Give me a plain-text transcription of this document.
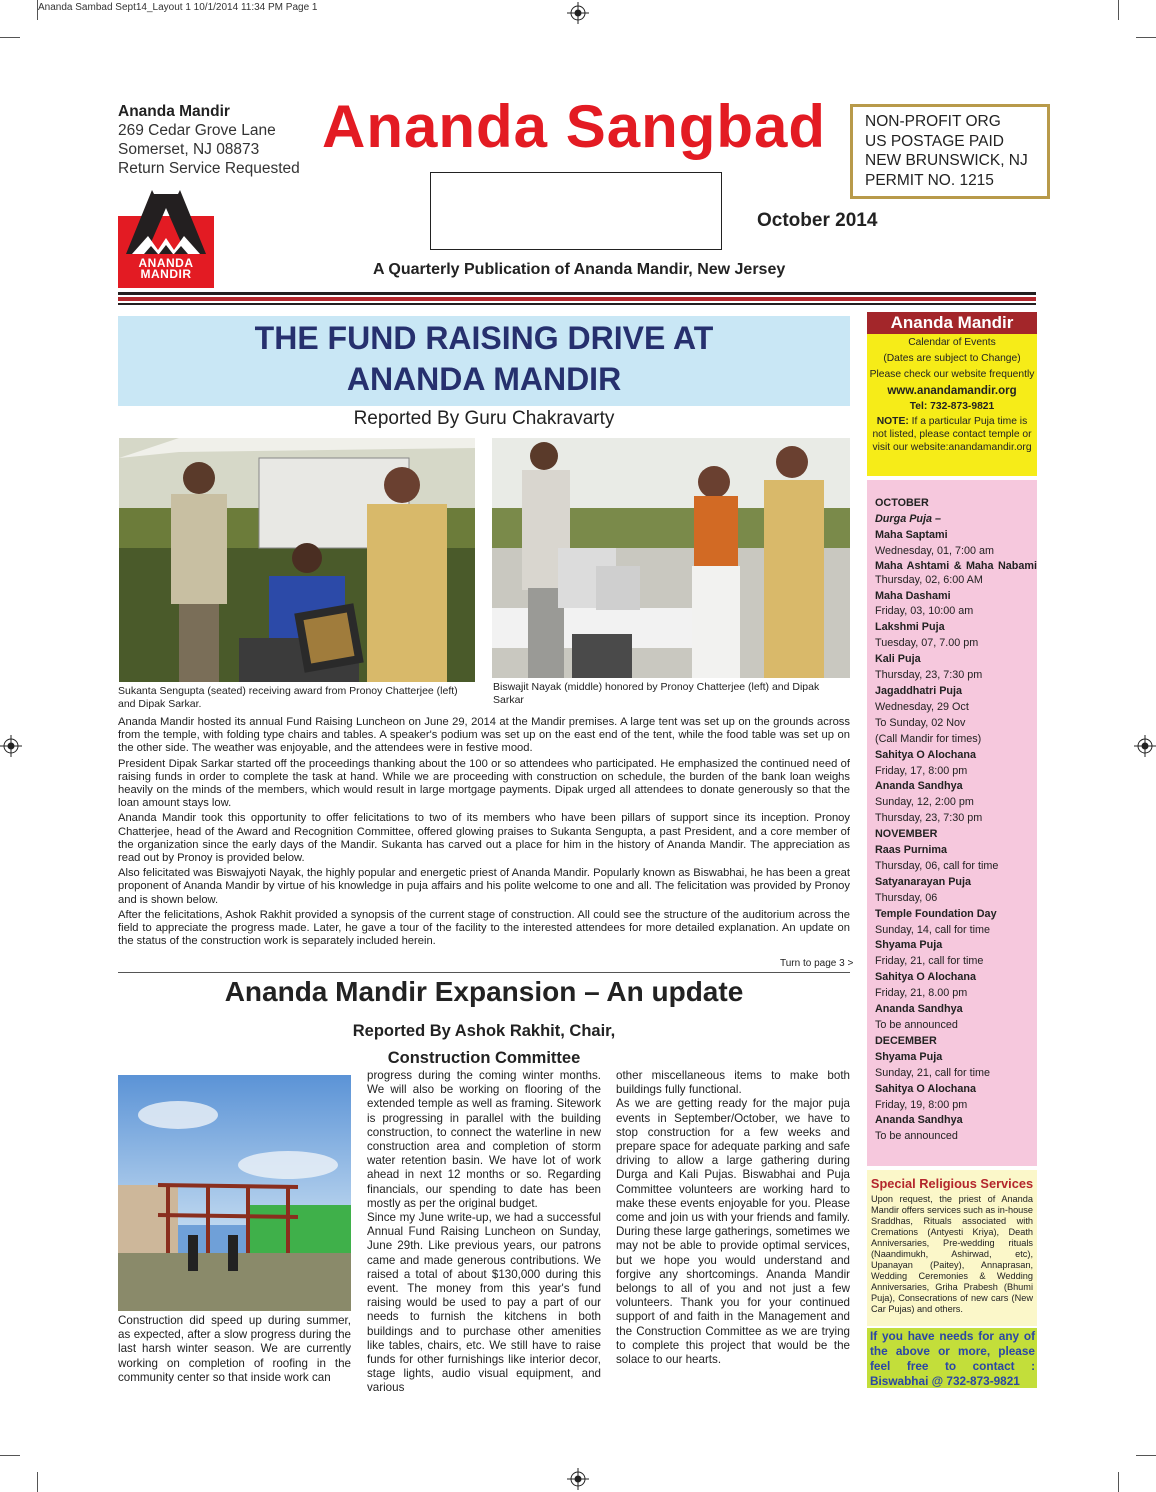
Ananda Sambad Sept14_Layout 1 10/1/2014 11:34 PM Page 1
Ananda Mandir
269 Cedar Grove Lane
Somerset, NJ 08873
Return Service Requested
Ananda Sangbad	NON-PROFIT ORG
US POSTAGE PAID
NEW BRUNSWICK, NJ
PERMIT NO. 1215
October 2014
A Quarterly Publication of Ananda Mandir, New Jersey
ANANDA
MANDIR
THE FUND RAISING DRIVE AT
ANANDA MANDIR
Reported By Guru Chakravarty
Sukanta Sengupta (seated) receiving award from Pronoy Chatterjee (left) and Dipak Sarkar.
Biswajit Nayak (middle) honored by Pronoy Chatterjee (left) and Dipak Sarkar

Ananda Mandir hosted its annual Fund Raising Luncheon on June 29, 2014 at the Mandir premises. A large tent was set up on the grounds across from the temple, with folding type chairs and tables. A speaker's podium was set up on the east end of the tent, while the food table was set up on the other side. The weather was enjoyable, and the attendees were in festive mood.

President Dipak Sarkar started off the proceedings thanking about the 100 or so attendees who participated. He emphasized the continued need of raising funds in order to complete the task at hand. While we are proceeding with construction on schedule, the burden of the bank loan weighs heavily on the minds of the members, which would result in large mortgage payments. Dipak urged all attendees to donate generously so that the loan amount stays low.

Ananda Mandir took this opportunity to offer felicitations to two of its members who have been pillars of support since its inception. Pronoy Chatterjee, head of the Award and Recognition Committee, offered glowing praises to Sukanta Sengupta, a past President, and a core member of the organization since the early days of the Mandir. Sukanta has carved out a place for him in the history of Ananda Mandir. The appreciation as read out by Pronoy is provided below.

Also felicitated was Biswajyoti Nayak, the highly popular and energetic priest of Ananda Mandir. Popularly known as Biswabhai, he has been a great proponent of Ananda Mandir by virtue of his knowledge in puja affairs and his polite welcome to one and all. The felicitation was provided by Pronoy and is shown below.

After the felicitations, Ashok Rakhit provided a synopsis of the current stage of construction. All could see the structure of the auditorium across the field to appreciate the progress made. Later, he gave a tour of the facility to the interested attendees for more detailed explanation. An update on the status of the construction work is separately included herein.

Turn to page 3 >
Ananda Mandir Expansion – An update
Reported By Ashok Rakhit, Chair,
Construction Committee
Construction did speed up during summer, as expected, after a slow progress during the last harsh winter season. We are currently working on completion of roofing in the community center so that inside work can

progress during the coming winter months. We will also be working on flooring of the extended temple as well as framing. Sitework is progressing in parallel with the building construction, to connect the waterline in new construction area and completion of storm water retention basin. We have lot of work ahead in next 12 months or so. Regarding financials, our spending to date has been mostly as per the original budget.

Since my June write-up, we had a successful Annual Fund Raising Luncheon on Sunday, June 29th. Like previous years, our patrons came and made generous contributions. We raised a total of about $130,000 during this event. The money from this year's fund raising would be used to pay a part of our needs to furnish the kitchens in both buildings and to purchase other amenities like tables, chairs, etc. We still have to raise funds for other furnishings like interior decor, stage lights, audio visual equipment, and various

other miscellaneous items to make both buildings fully functional.

As we are getting ready for the major puja events in September/October, we have to stop construction for a few weeks and prepare space for adequate parking and safe driving to allow a large gathering during Durga and Kali Pujas. Biswabhai and Puja Committee volunteers are working hard to make these events enjoyable for you. Please come and join us with your friends and family. During these large gatherings, sometimes we may not be able to provide optimal services, but we hope you would understand and forgive any shortcomings. Ananda Mandir belongs to all of you and not just a few volunteers. Thank you for your continued support of and faith in the Management and the Construction Committee as we are trying to complete this project that would be the solace to our hearts.

Ananda Mandir
Calendar of Events
(Dates are subject to Change)
Please check our website frequently
www.anandamandir.org
Tel: 732-873-9821
NOTE: If a particular Puja time is not listed, please contact temple or visit our website:anandamandir.org
OCTOBER
Durga Puja –
Maha Saptami
Wednesday, 01, 7:00 am
Maha Ashtami & Maha Nabami
Thursday, 02, 6:00 AM
Maha Dashami
Friday, 03, 10:00 am
Lakshmi Puja
Tuesday, 07, 7.00 pm
Kali Puja
Thursday, 23, 7:30 pm
Jagaddhatri Puja
Wednesday, 29 Oct
To Sunday, 02 Nov
(Call Mandir for times)
Sahitya O Alochana
Friday, 17, 8:00 pm
Ananda Sandhya
Sunday, 12, 2:00 pm
Thursday, 23, 7:30 pm
NOVEMBER
Raas Purnima
Thursday, 06, call for time
Satyanarayan Puja
Thursday, 06
Temple Foundation Day
Sunday, 14, call for time
Shyama Puja
Friday, 21, call for time
Sahitya O Alochana
Friday, 21, 8.00 pm
Ananda Sandhya
To be announced
DECEMBER
Shyama Puja
Sunday, 21, call for time
Sahitya O Alochana
Friday, 19, 8:00 pm
Ananda Sandhya
To be announced
Special Religious Services
Upon request, the priest of Ananda Mandir offers services such as in-house Sraddhas, Rituals associated with Cremations (Antyesti Kriya), Death Anniversaries, Pre-wedding rituals (Naandimukh, Ashirwad, etc), Upanayan (Paitey), Annaprasan, Wedding Ceremonies & Wedding Anniversaries, Griha Prabesh (Bhumi Puja), Consecrations of new cars (New Car Pujas) and others.
If you have needs for any of the above or more, please feel free to contact : Biswabhai @ 732-873-9821
